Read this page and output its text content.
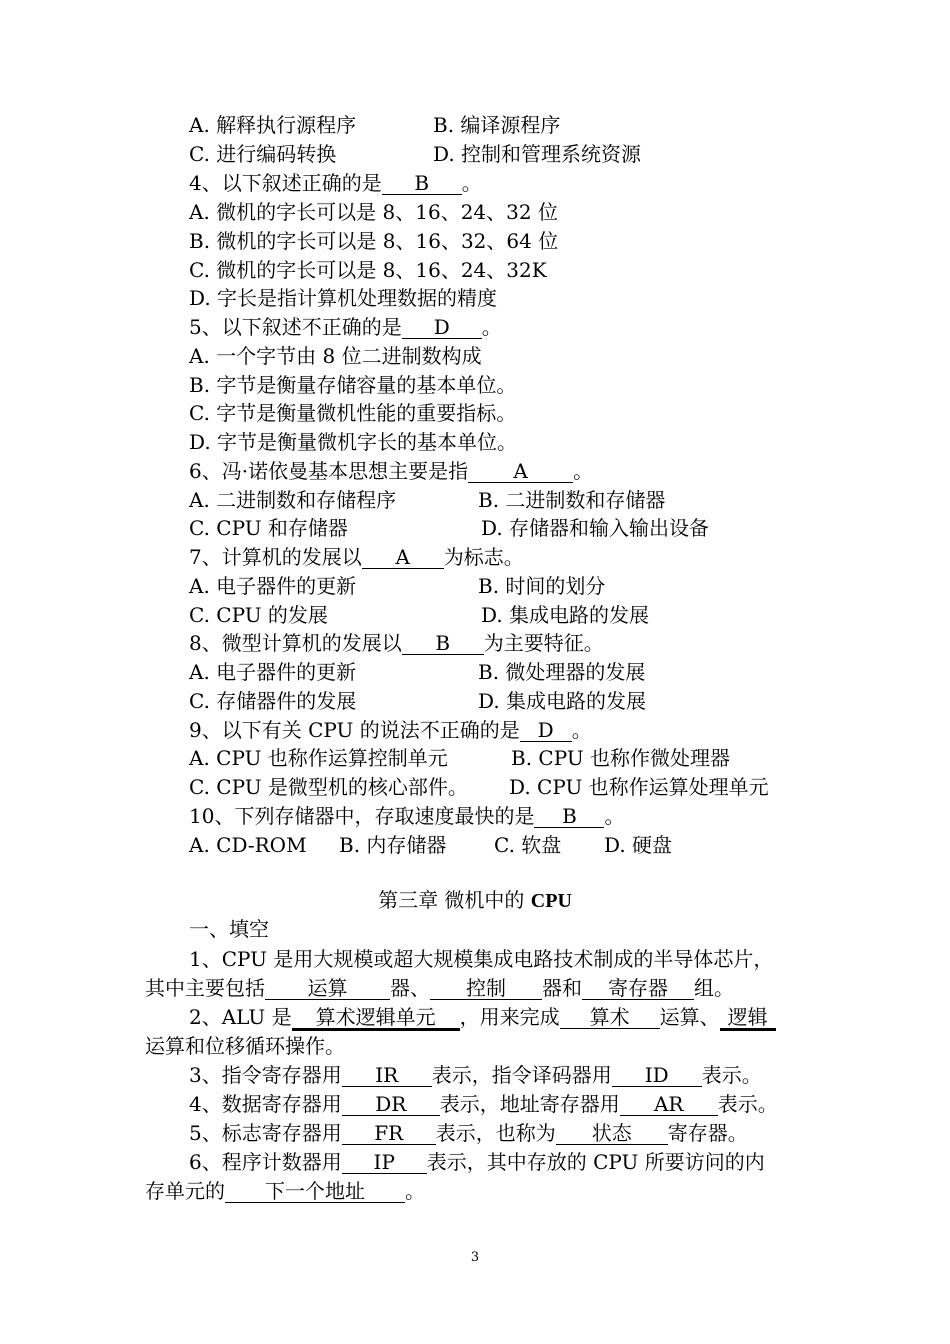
A. 解释执行源程序	B. 编译源程序
C. 进行编码转换	D. 控制和管理系统资源
4、以下叙述正确的是 B 。
A. 微机的字长可以是 8、16、24、32 位
B. 微机的字长可以是 8、16、32、64 位
C. 微机的字长可以是 8、16、24、32K
D. 字长是指计算机处理数据的精度
5、以下叙述不正确的是 D 。
A. 一个字节由 8 位二进制数构成
B. 字节是衡量存储容量的基本单位。
C. 字节是衡量微机性能的重要指标。
D. 字节是衡量微机字长的基本单位。
6、冯·诺依曼基本思想主要是指 A 。
A. 二进制数和存储程序	B. 二进制数和存储器
C. CPU 和存储器	D. 存储器和输入输出设备
7、计算机的发展以 A 为标志。
A. 电子器件的更新	B. 时间的划分
C. CPU 的发展	D. 集成电路的发展
8、微型计算机的发展以 B 为主要特征。
A. 电子器件的更新	B. 微处理器的发展
C. 存储器件的发展	D. 集成电路的发展
9、以下有关 CPU 的说法不正确的是 D 。
A. CPU 也称作运算控制单元	B. CPU 也称作微处理器
C. CPU 是微型机的核心部件。 D. CPU 也称作运算处理单元
10、下列存储器中，存取速度最快的是 B 。
A. CD-ROM B. 内存储器 C. 软盘 D. 硬盘
第三章 微机中的 CPU
一、填空
1、CPU 是用大规模或超大规模集成电路技术制成的半导体芯片，
其中主要包括 运算 器、 控制 器和 寄存器 组。
2、ALU 是 算术逻辑单元 ，用来完成 算术 运算、 逻辑
运算和位移循环操作。
3、指令寄存器用 IR 表示，指令译码器用 ID 表示。
4、数据寄存器用 DR 表示，地址寄存器用 AR 表示。
5、标志寄存器用 FR 表示，也称为 状态 寄存器。
6、程序计数器用 IP 表示，其中存放的 CPU 所要访问的内
存单元的 下一个地址 。
3
